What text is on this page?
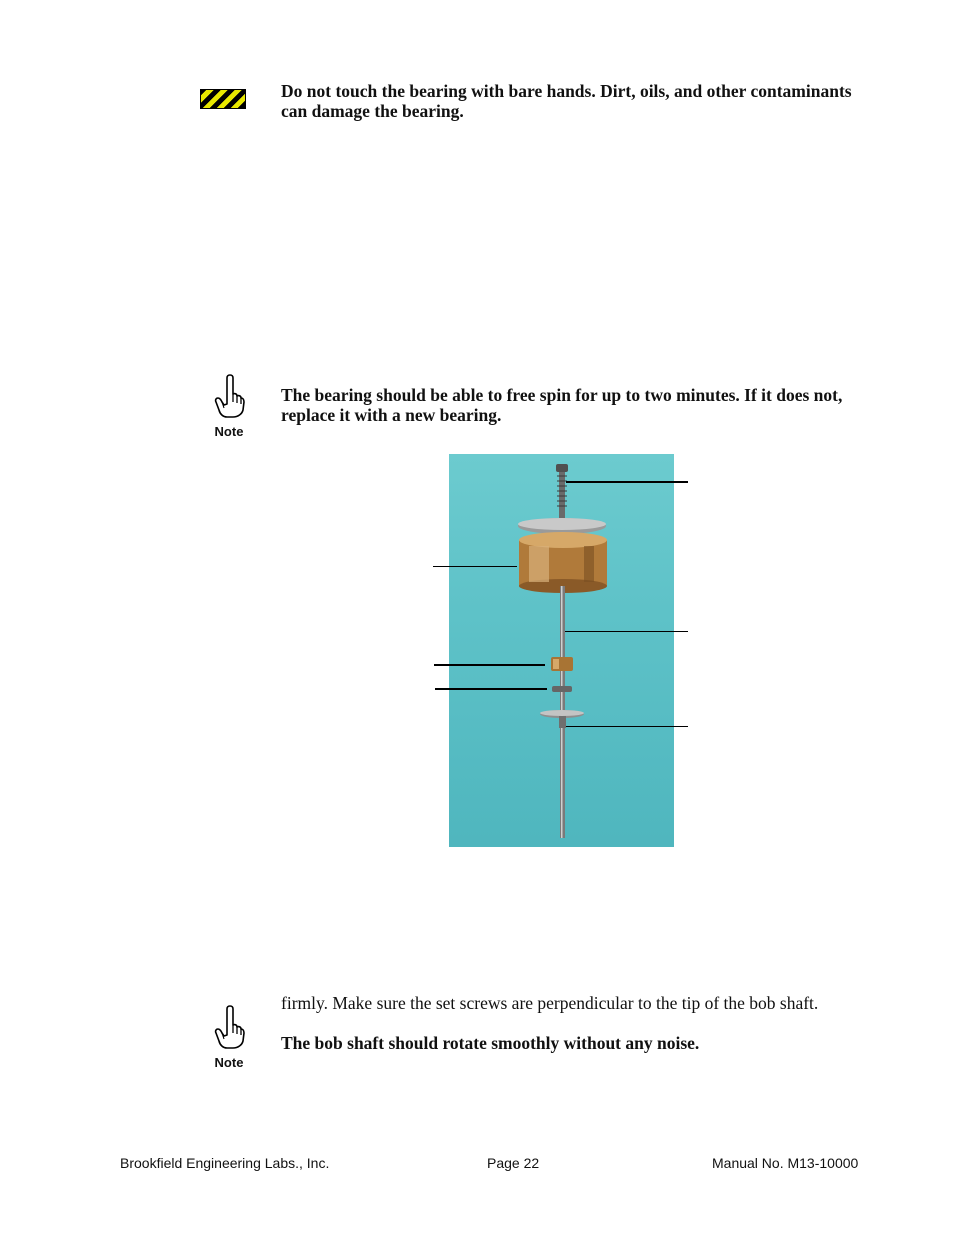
Do not touch the bearing with bare hands. Dirt, oils, and other contaminants can damage the bearing.
Note
The bearing should be able to free spin for up to two minutes. If it does not, replace it with a new bearing.
firmly. Make sure the set screws are perpendicular to the tip of the bob shaft.
Note
The bob shaft should rotate smoothly without any noise.
Brookfield Engineering Labs., Inc.	Page 22	Manual No. M13-10000
